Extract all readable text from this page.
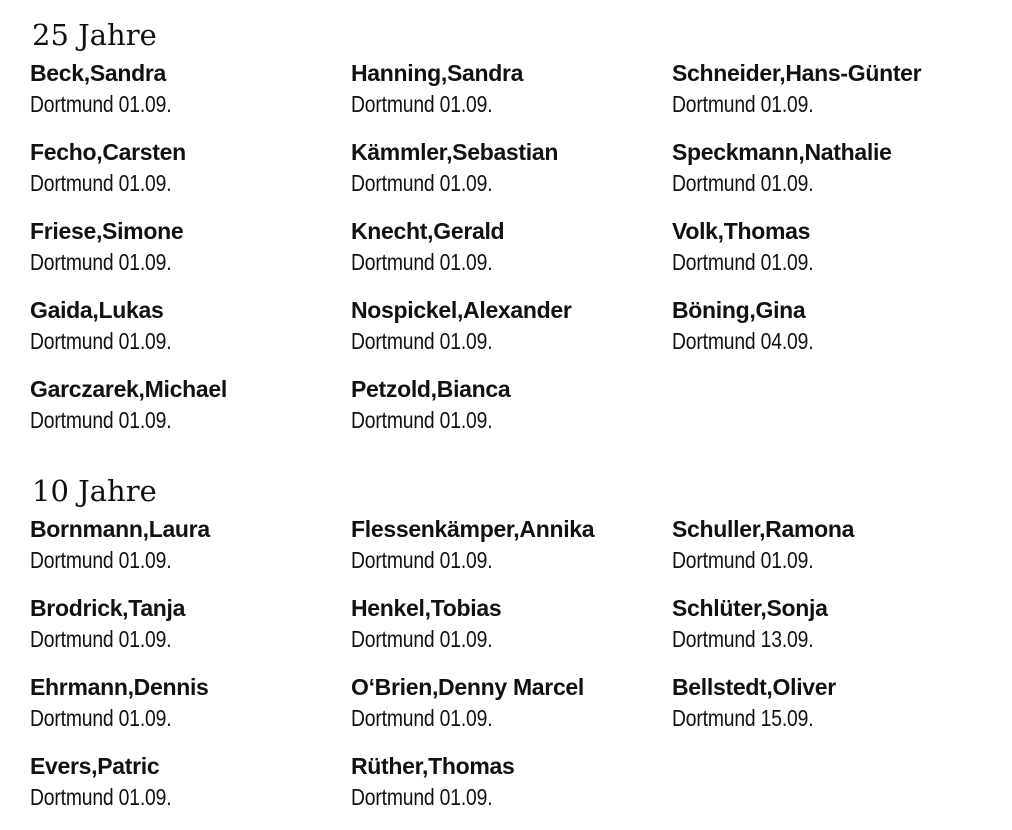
25 Jahre
Beck,Sandra
Dortmund 01.09.
Hanning,Sandra
Dortmund 01.09.
Schneider,Hans-Günter
Dortmund 01.09.
Fecho,Carsten
Dortmund 01.09.
Kämmler,Sebastian
Dortmund 01.09.
Speckmann,Nathalie
Dortmund 01.09.
Friese,Simone
Dortmund 01.09.
Knecht,Gerald
Dortmund 01.09.
Volk,Thomas
Dortmund 01.09.
Gaida,Lukas
Dortmund 01.09.
Nospickel,Alexander
Dortmund 01.09.
Böning,Gina
Dortmund 04.09.
Garczarek,Michael
Dortmund 01.09.
Petzold,Bianca
Dortmund 01.09.
10 Jahre
Bornmann,Laura
Dortmund 01.09.
Flessenkämper,Annika
Dortmund 01.09.
Schuller,Ramona
Dortmund 01.09.
Brodrick,Tanja
Dortmund 01.09.
Henkel,Tobias
Dortmund 01.09.
Schlüter,Sonja
Dortmund 13.09.
Ehrmann,Dennis
Dortmund 01.09.
O‘Brien,Denny Marcel
Dortmund 01.09.
Bellstedt,Oliver
Dortmund 15.09.
Evers,Patric
Dortmund 01.09.
Rüther,Thomas
Dortmund 01.09.
